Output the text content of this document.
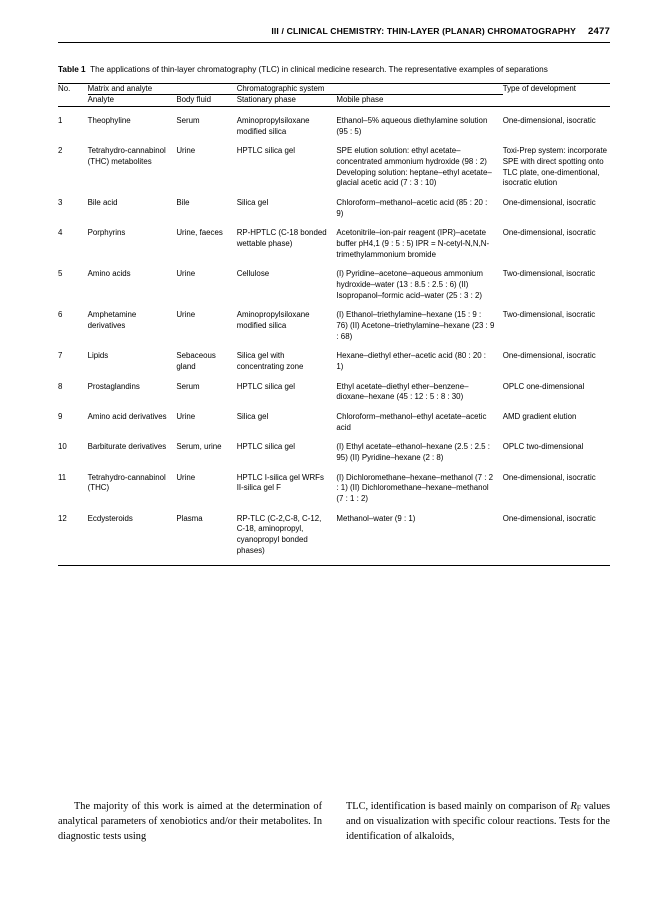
III / CLINICAL CHEMISTRY: THIN-LAYER (PLANAR) CHROMATOGRAPHY 2477
Table 1 The applications of thin-layer chromatography (TLC) in clinical medicine research. The representative examples of separations
No.	Matrix and analyte		Chromatographic system		Type of development
	Analyte	Body fluid	Stationary phase	Mobile phase	
1	Theophyline	Serum	Aminopropylsiloxane modified silica	Ethanol–5% aqueous diethylamine solution (95 : 5)	One-dimensional, isocratic
2	Tetrahydro-cannabinol (THC) metabolites	Urine	HPTLC silica gel	SPE elution solution: ethyl acetate–concentrated ammonium hydroxide (98 : 2) Developing solution: heptane–ethyl acetate–glacial acetic acid (7 : 3 : 10)	Toxi-Prep system: incorporate SPE with direct spotting onto TLC plate, one-dimentional, isocratic elution
3	Bile acid	Bile	Silica gel	Chloroform–methanol–acetic acid (85 : 20 : 9)	One-dimensional, isocratic
4	Porphyrins	Urine, faeces	RP-HPTLC (C-18 bonded wettable phase)	Acetonitrile–ion-pair reagent (IPR)–acetate buffer pH4,1 (9 : 5 : 5) IPR = N-cetyl-N,N,N-trimethylammonium bromide	One-dimensional, isocratic
5	Amino acids	Urine	Cellulose	(I) Pyridine–acetone–aqueous ammonium hydroxide–water (13 : 8.5 : 2.5 : 6) (II) Isopropanol–formic acid–water (25 : 3 : 2)	Two-dimensional, isocratic
6	Amphetamine derivatives	Urine	Aminopropylsiloxane modified silica	(I) Ethanol–triethylamine–hexane (15 : 9 : 76) (II) Acetone–triethylamine–hexane (23 : 9 : 68)	Two-dimensional, isocratic
7	Lipids	Sebaceous gland	Silica gel with concentrating zone	Hexane–diethyl ether–acetic acid (80 : 20 : 1)	One-dimensional, isocratic
8	Prostaglandins	Serum	HPTLC silica gel	Ethyl acetate–diethyl ether–benzene–dioxane–hexane (45 : 12 : 5 : 8 : 30)	OPLC one-dimensional
9	Amino acid derivatives	Urine	Silica gel	Chloroform–methanol–ethyl acetate–acetic acid	AMD gradient elution
10	Barbiturate derivatives	Serum, urine	HPTLC silica gel	(I) Ethyl acetate–ethanol–hexane (2.5 : 2.5 : 95) (II) Pyridine–hexane (2 : 8)	OPLC two-dimensional
11	Tetrahydro-cannabinol (THC)	Urine	HPTLC I-silica gel WRFs II-silica gel F	(I) Dichloromethane–hexane–methanol (7 : 2 : 1) (II) Dichloromethane–hexane–methanol (7 : 1 : 2)	One-dimensional, isocratic
12	Ecdysteroids	Plasma	RP-TLC (C-2,C-8, C-12, C-18, aminopropyl, cyanopropyl bonded phases)	Methanol–water (9 : 1)	One-dimensional, isocratic

The majority of this work is aimed at the determination of analytical parameters of xenobiotics and/or their metabolites. In diagnostic tests using

TLC, identification is based mainly on comparison of $R_F$ values and on visualization with specific colour reactions. Tests for the identification of alkaloids,
